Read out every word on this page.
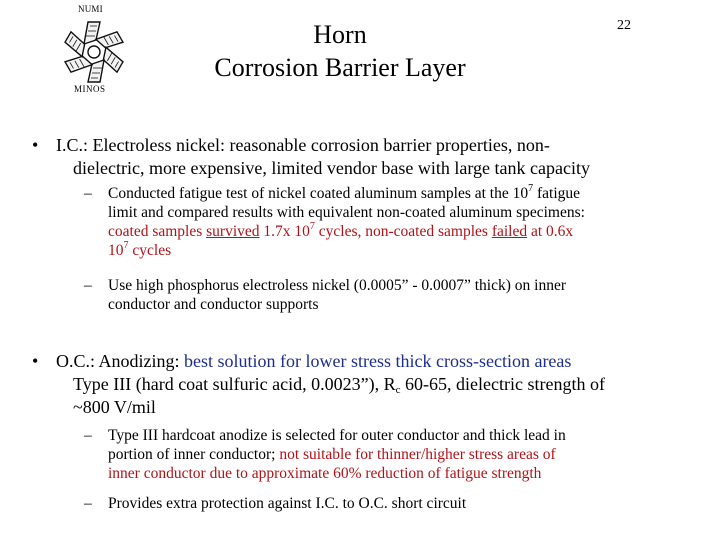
NUMI
MINOS
Horn
Corrosion Barrier Layer
22
• I.C.: Electroless nickel: reasonable corrosion barrier properties, non-
dielectric, more expensive, limited vendor base with large tank capacity
– Conducted fatigue test of nickel coated aluminum samples at the $10^7$ fatigue
limit and compared results with equivalent non-coated aluminum specimens:
coated samples survived 1.7x $10^7$ cycles, non-coated samples failed at 0.6x
$10^7$ cycles
– Use high phosphorus electroless nickel (0.0005” - 0.0007” thick) on inner
conductor and conductor supports
• O.C.: Anodizing: best solution for lower stress thick cross-section areas
Type III (hard coat sulfuric acid, 0.0023”), $R_c$ 60-65, dielectric strength of
~800 V/mil
– Type III hardcoat anodize is selected for outer conductor and thick lead in
portion of inner conductor; not suitable for thinner/higher stress areas of
inner conductor due to approximate 60% reduction of fatigue strength
– Provides extra protection against I.C. to O.C. short circuit
